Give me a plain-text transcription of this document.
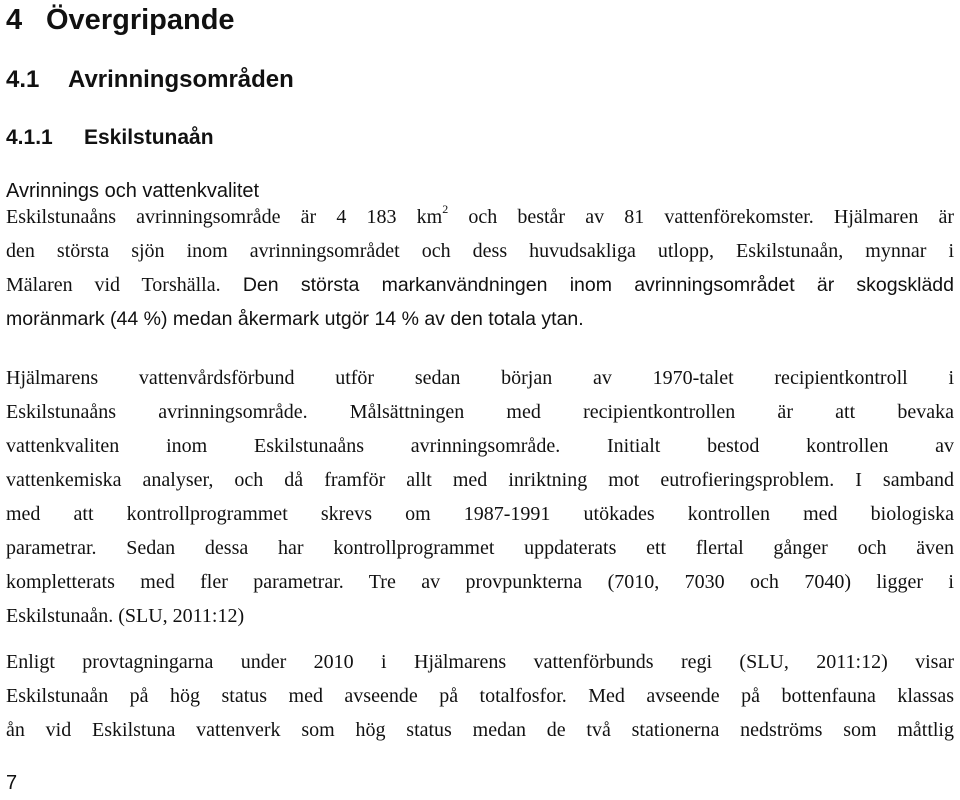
4 Övergripande
4.1 Avrinningsområden
4.1.1 Eskilstunaån

Avrinnings och vattenkvalitet

Eskilstunaåns avrinningsområde är 4 183 $km^2$ och består av 81 vattenförekomster. Hjälmaren är
den största sjön inom avrinningsområdet och dess huvudsakliga utlopp, Eskilstunaån, mynnar i
Mälaren vid Torshälla. Den största markanvändningen inom avrinningsområdet är skogsklädd
moränmark (44 %) medan åkermark utgör 14 % av den totala ytan.
Hjälmarens vattenvårdsförbund utför sedan början av 1970-talet recipientkontroll i
Eskilstunaåns avrinningsområde. Målsättningen med recipientkontrollen är att bevaka
vattenkvaliten inom Eskilstunaåns avrinningsområde. Initialt bestod kontrollen av
vattenkemiska analyser, och då framför allt med inriktning mot eutrofieringsproblem. I samband
med att kontrollprogrammet skrevs om 1987-1991 utökades kontrollen med biologiska
parametrar. Sedan dessa har kontrollprogrammet uppdaterats ett flertal gånger och även
kompletterats med fler parametrar. Tre av provpunkterna (7010, 7030 och 7040) ligger i
Eskilstunaån. (SLU, 2011:12)
Enligt provtagningarna under 2010 i Hjälmarens vattenförbunds regi (SLU, 2011:12) visar
Eskilstunaån på hög status med avseende på totalfosfor. Med avseende på bottenfauna klassas
ån vid Eskilstuna vattenverk som hög status medan de två stationerna nedströms som måttlig

7
